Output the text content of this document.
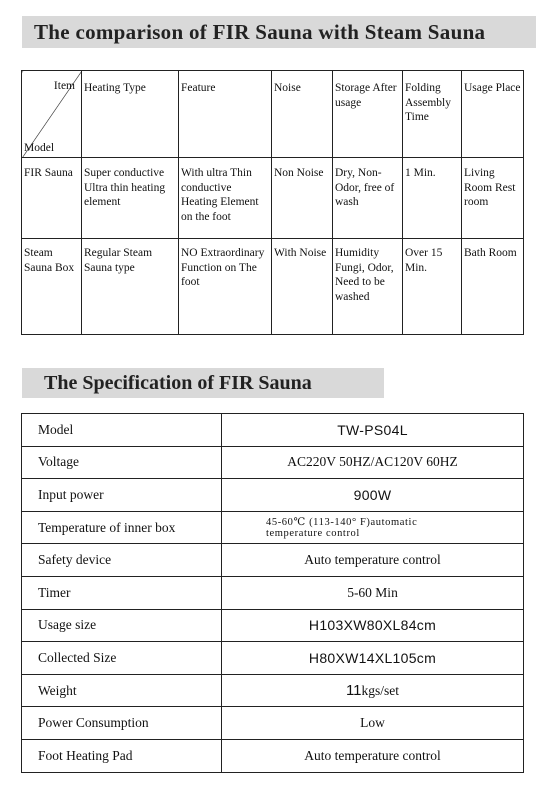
The comparison of FIR Sauna with Steam Sauna
Item
Model	Heating Type	Feature	Noise	Storage After usage	Folding Assembly Time	Usage Place
FIR Sauna	Super conductive Ultra thin heating element	With ultra Thin conductive Heating Element on the foot	Non Noise	Dry, Non-Odor, free of wash	1 Min.	Living Room Rest room
Steam Sauna Box	Regular Steam Sauna type	NO Extraordinary Function on The foot	With Noise	Humidity Fungi, Odor, Need to be washed	Over 15 Min.	Bath Room
The Specification of FIR Sauna
Model	TW-PS04L
Voltage	AC220V 50HZ/AC120V 60HZ
Input power	900W
Temperature of inner box	45-60℃ (113-140° F)automatic
temperature control

Safety device	Auto temperature control
Timer	5-60 Min
Usage size	H103XW80XL84cm
Collected Size	H80XW14XL105cm
Weight	11kgs/set
Power Consumption	Low
Foot Heating Pad	Auto temperature control
